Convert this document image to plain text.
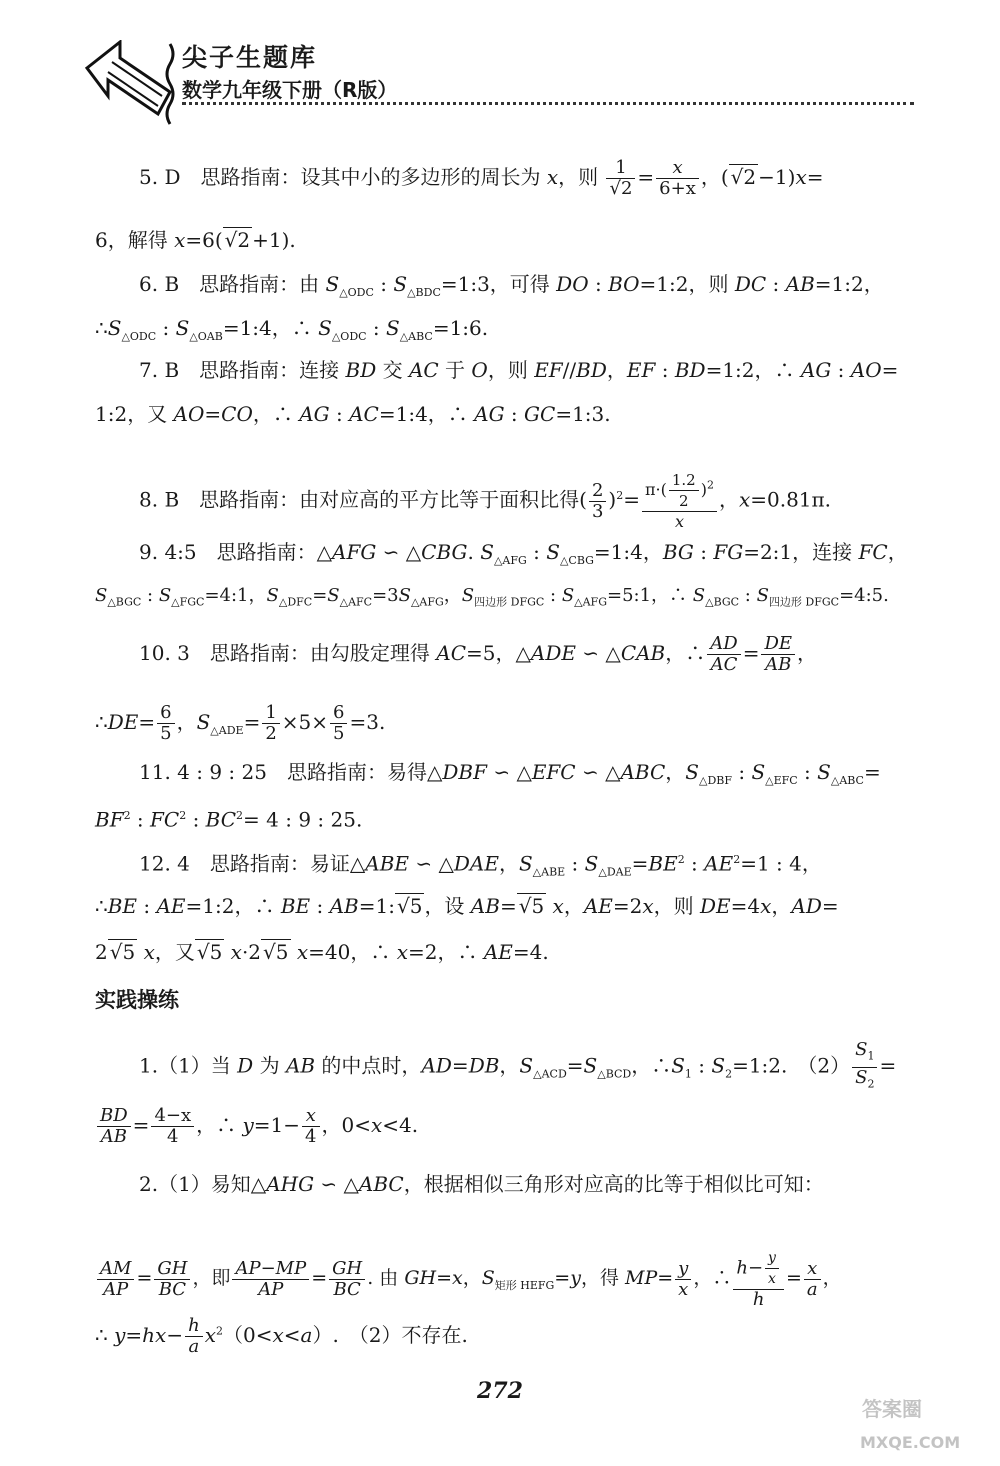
尖子生题库
数学九年级下册（R版）
5. D　思路指南：设其中小的多边形的周长为 x，则 $\frac{1}{√2} = \frac{x}{6+x}$ ，( √2 −1)x=
6，解得 x=6( √2 +1).
6. B　思路指南：由 $S_{\triangle ODC}$ : $S_{\triangle BDC}=1:3$，可得 DO : BO=1:2，则 DC : AB=1:2，
$\therefore S_{\triangle ODC}$ : $S_{\triangle OAB}=1:4$，∴ $S_{\triangle ODC}$ : $S_{\triangle ABC}=1:6$.
7. B　思路指南：连接 BD 交 AC 于 O，则 EF//BD，EF : BD=1:2，∴ AG : AO=
1:2，又 AO=CO，∴ AG : AC=1:4，∴ AG : GC=1:3.
8. B　思路指南：由对应高的平方比等于面积比得( $\frac{2}{3} )^2= \frac{\pi\cdot( \frac{1.2}{2} )^2}{x}$ ，x=0.81π.
9. 4:5　思路指南：△AFG ∽ △CBG. $S_{\triangle AFG}$ : $S_{\triangle CBG}=1:4$，BG : FG=2:1，连接 FC，
$S_{\triangle BGC}$ : $S_{\triangle FGC}=4:1$，$S_{\triangle DFC}=S_{\triangle AFC}=3S_{\triangle AFG}$，$S_{四边形 DFGC}$ : $S_{\triangle AFG}=5:1$，∴ $S_{\triangle BGC}$ : $S_{四边形 DFGC}=4:5$.
10. 3　思路指南：由勾股定理得 AC=5，△ADE ∽ △CAB，∴ $\frac{AD}{AC} = \frac{DE}{AB}$ ，
∴DE= $\frac{6}{5}$ ，$S_{\triangle ADE}= \frac{1}{2} \times 5\times \frac{6}{5} =3$.
11. 4 : 9 : 25　思路指南：易得△DBF ∽ △EFC ∽ △ABC，$S_{\triangle DBF}$ : $S_{\triangle EFC}$ : $S_{\triangle ABC}=$
$BF^2$ : $FC^2$ : $BC^2= 4$ : 9 : 25.
12. 4　思路指南：易证△ABE ∽ △DAE，$S_{\triangle ABE}$ : $S_{\triangle DAE}=BE^2$ : $AE^2=1$ : 4，
∴BE : AE=1:2，∴ BE : AB=1: √5 ，设 AB= √5 x，AE=2x，则 DE=4x，AD=
2 √5 x，又 √5 x·2 √5 x=40，∴ x=2，∴ AE=4.
实践操练
1.（1）当 D 为 AB 的中点时，AD=DB，$S_{\triangle ACD}=S_{\triangle BCD}$，$\therefore S_1$ : $S_2=1:2$.　$(2) \frac{S_1}{S_2}$ =
$\frac{BD}{AB} = \frac{4-x}{4}$ ，∴ $y=1- \frac{x}{4}$ ，0<x<4.
2.（1）易知△AHG ∽ △ABC，根据相似三角形对应高的比等于相似比可知：
$\frac{AM}{AP} = \frac{GH}{BC}$ ，即 $\frac{AP-MP}{AP} = \frac{GH}{BC}$ . 由 GH=x，$S_{矩形 HEFG}=y$，得 $MP= \frac{y}{x}$ ，∴ $\frac{h- \frac{y}{x}}{h} = \frac{x}{a}$ ，
∴ $y=hx- \frac{h}{a} x^2(0<x<a)$.　（2）不存在.
272
答案圈
MXQE.COM
